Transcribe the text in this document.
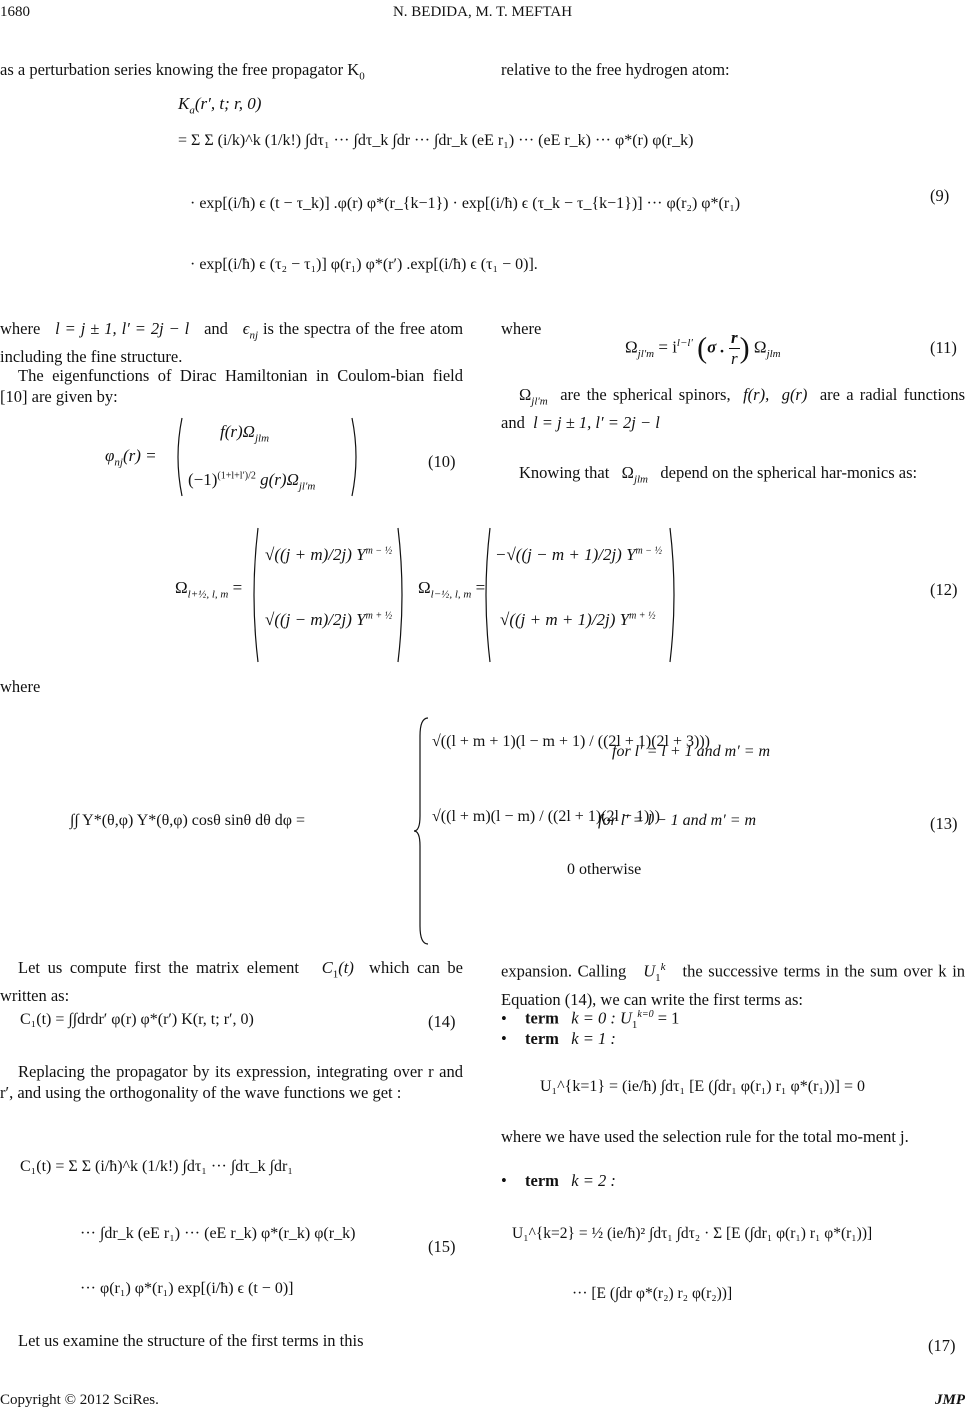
1680	N. BEDIDA, M. T. MEFTAH
as a perturbation series knowing the free propagator $K_0$	relative to the free hydrogen atom:
$K_a(r'$, t; r, 0)
= Σ Σ (i/k)^k (1/k!) ∫dτ₁ ··· ∫dτ_k ∫dr ··· ∫dr_k (eE r₁) ··· (eE r_k) ··· φ*(r) φ(r_k)
· exp[(i/ħ) ϵ (t − τ_k)] .φ(r) φ*(r_{k−1}) · exp[(i/ħ) ϵ (τ_k − τ_{k−1})] ··· φ(r₂) φ*(r₁)
· exp[(i/ħ) ϵ (τ₂ − τ₁)] φ(r₁) φ*(r′) .exp[(i/ħ) ϵ (τ₁ − 0)].
(9)
where l = j ± 1, l′ = 2j − l and $\epsilon_{nj}$ is the spectra of the free atom including the fine structure.
The eigenfunctions of Dirac Hamiltonian in Coulom-bian field [10] are given by:
$\varphi_{nj}(r)$ =
$f(r)\Omega_{jlm}$
$(-1)^{(1+l+l')/2}$ $g(r)\Omega_{jl'm}$
(10)
where
$\Omega_{jl'm} = i^{l-l'}$ (σ . $\frac{r}{r}$ ) $\Omega_{jlm}$	(11)
$\Omega_{jl'm}$ are the spherical spinors, f(r), g(r) are a radial functions and l = j ± 1, l′ = 2j − l
Knowing that $\Omega_{jlm}$ depend on the spherical har-monics as:
$\Omega_{l+\frac{1}{2}, l, m}$ =
√((j + m)/2j) $Y^{m - \frac{1}{2}}$
√((j − m)/2j) $Y^{m + \frac{1}{2}}$
$\Omega_{l-\frac{1}{2}, l, m}$ =
−√((j − m + 1)/2j) $Y^{m - \frac{1}{2}}$
√((j + m + 1)/2j) $Y^{m + \frac{1}{2}}$
(12)
where
∫∫ Y*(θ,φ) Y*(θ,φ) cosθ sinθ dθ dφ =
√((l + m + 1)(l − m + 1) / ((2l + 1)(2l + 3)))
for l′ = l + 1 and m′ = m
√((l + m)(l − m) / ((2l + 1)(2l − 1)))
for l′ = l − 1 and m′ = m
0 otherwise
(13)
Let us compute first the matrix element $C_1(t)$ which can be written as:
C₁(t) = ∫∫drdr′ φ(r) φ*(r′) K(r, t; r′, 0)	(14)
Replacing the propagator by its expression, integrating over r and r′, and using the orthogonality of the wave functions we get :
C₁(t) = Σ Σ (i/ħ)^k (1/k!) ∫dτ₁ ··· ∫dτ_k ∫dr₁
··· ∫dr_k (eE r₁) ··· (eE r_k) φ*(r_k) φ(r_k)
··· φ(r₁) φ*(r₁) exp[(i/ħ) ϵ (t − 0)]
(15)
Let us examine the structure of the first terms in this
expansion. Calling $U_1^k$ the successive terms in the sum over k in Equation (14), we can write the first terms as:
• term k = 0 : $U_1^{k=0} = 1$
• term k = 1 :
U₁^{k=1} = (ie/ħ) ∫dτ₁ [E (∫dr₁ φ(r₁) r₁ φ*(r₁))] = 0
where we have used the selection rule for the total mo-ment j.
• term k = 2 :
U₁^{k=2} = ½ (ie/ħ)² ∫dτ₁ ∫dτ₂ · Σ [E (∫dr₁ φ(r₁) r₁ φ*(r₁))]
··· [E (∫dr φ*(r₂) r₂ φ(r₂))]
(17)
Copyright © 2012 SciRes.	JMP
